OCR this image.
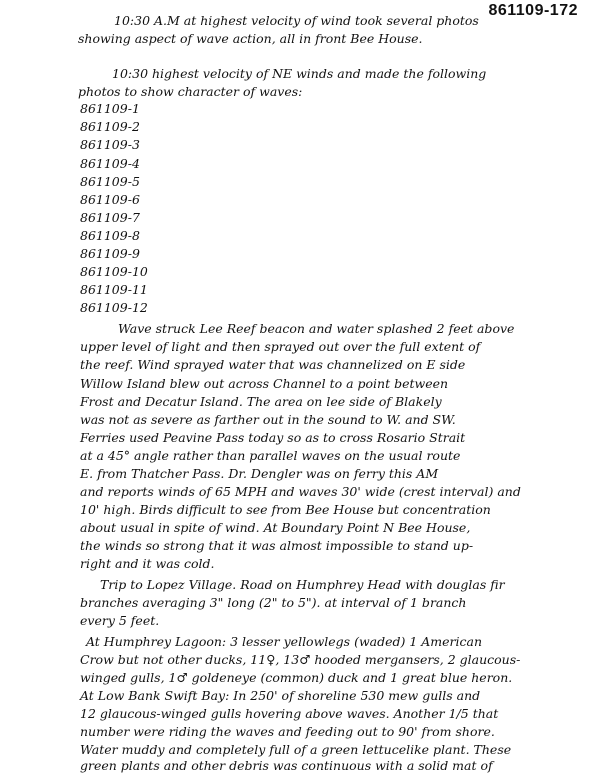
861109-172
10:30 A.M at highest velocity of wind took several photos
showing aspect of wave action, all in front Bee House.
10:30 highest velocity of NE winds and made the following
photos to show character of waves:
861109-1
861109-2
861109-3
861109-4
861109-5
861109-6
861109-7
861109-8
861109-9
861109-10
861109-11
861109-12
Wave struck Lee Reef beacon and water splashed 2 feet above
upper level of light and then sprayed out over the full extent of
the reef. Wind sprayed water that was channelized on E side
Willow Island blew out across Channel to a point between
Frost and Decatur Island. The area on lee side of Blakely
was not as severe as farther out in the sound to W. and SW.
Ferries used Peavine Pass today so as to cross Rosario Strait
at a 45° angle rather than parallel waves on the usual route
E. from Thatcher Pass. Dr. Dengler was on ferry this AM
and reports winds of 65 MPH and waves 30' wide (crest interval) and
10' high. Birds difficult to see from Bee House but concentration
about usual in spite of wind. At Boundary Point N Bee House,
the winds so strong that it was almost impossible to stand up-
right and it was cold.
Trip to Lopez Village. Road on Humphrey Head with douglas fir
branches averaging 3" long (2" to 5"). at interval of 1 branch
every 5 feet.
At Humphrey Lagoon: 3 lesser yellowlegs (waded) 1 American
Crow but not other ducks, 11♀, 13♂ hooded mergansers, 2 glaucous-
winged gulls, 1♂ goldeneye (common) duck and 1 great blue heron.
At Low Bank Swift Bay: In 250' of shoreline 530 mew gulls and
12 glaucous-winged gulls hovering above waves. Another 1/5 that
number were riding the waves and feeding out to 90' from shore.
Water muddy and completely full of a green lettucelike plant. These
green plants and other debris was continuous with a solid mat of
